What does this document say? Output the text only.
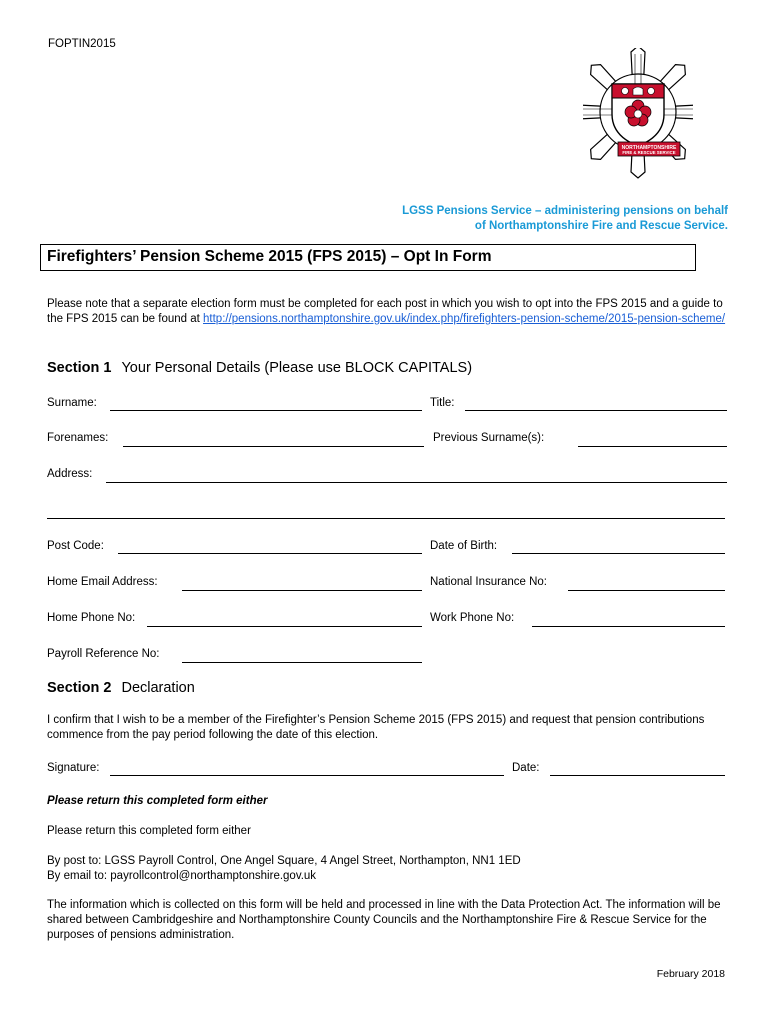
FOPTIN2015
NORTHAMPTONSHIRE
FIRE & RESCUE SERVICE
LGSS Pensions Service – administering pensions on behalf
of Northamptonshire Fire and Rescue Service.
Firefighters’ Pension Scheme 2015 (FPS 2015) – Opt In Form
Please note that a separate election form must be completed for each post in which you wish to opt into the FPS 2015 and a guide to the FPS 2015 can be found at http://pensions.northamptonshire.gov.uk/index.php/firefighters-pension-scheme/2015-pension-scheme/
Section 1 Your Personal Details (Please use BLOCK CAPITALS)
Surname:	Title:
Forenames:	Previous Surname(s):
Address:
Post Code:	Date of Birth:
Home Email Address:	National Insurance No:
Home Phone No:	Work Phone No:
Payroll Reference No:
Section 2 Declaration
I confirm that I wish to be a member of the Firefighter’s Pension Scheme 2015 (FPS 2015) and request that pension contributions commence from the pay period following the date of this election.
Signature:	Date:
Please return this completed form either
Please return this completed form either
By post to: LGSS Payroll Control, One Angel Square, 4 Angel Street, Northampton, NN1 1ED
By email to: payrollcontrol@northamptonshire.gov.uk
The information which is collected on this form will be held and processed in line with the Data Protection Act. The information will be shared between Cambridgeshire and Northamptonshire County Councils and the Northamptonshire Fire & Rescue Service for the purposes of pensions administration.
February 2018
